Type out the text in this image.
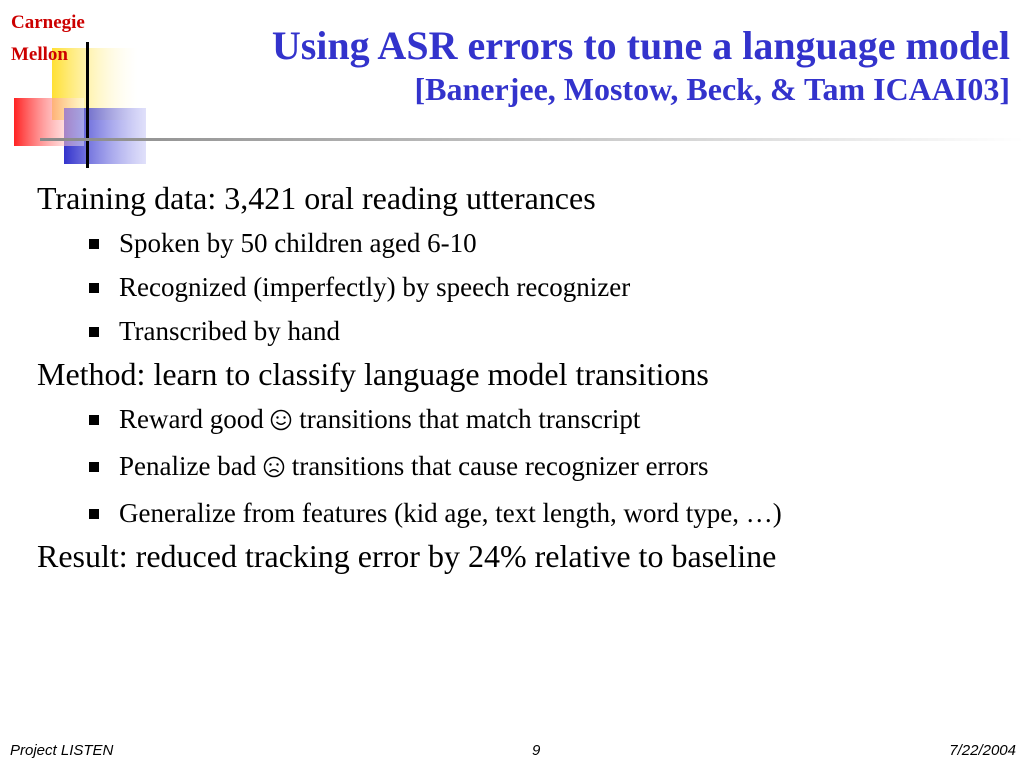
Carnegie
Mellon	Using ASR errors to tune a language model
[Banerjee, Mostow, Beck, & Tam ICAAI03]
Training data: 3,421 oral reading utterances
Spoken by 50 children aged 6-10
Recognized (imperfectly) by speech recognizer
Transcribed by hand
Method: learn to classify language model transitions
Reward good transitions that match transcript
Penalize bad transitions that cause recognizer errors
Generalize from features (kid age, text length, word type, …)
Result: reduced tracking error by 24% relative to baseline
Project LISTEN	9	7/22/2004
